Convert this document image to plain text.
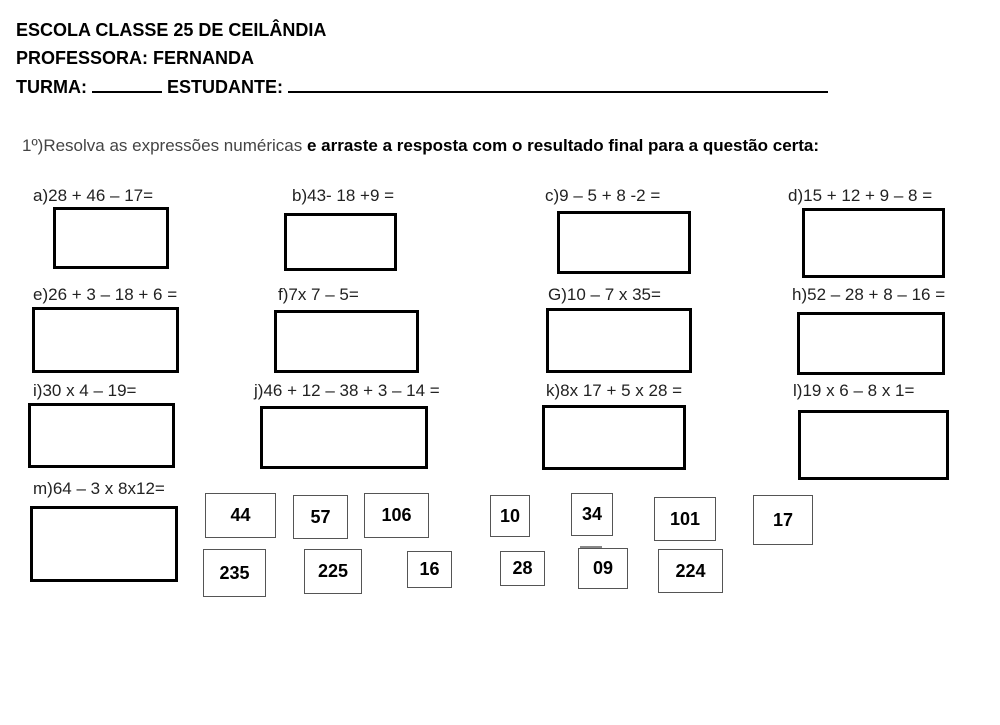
ESCOLA CLASSE 25 DE CEILÂNDIA
PROFESSORA: FERNANDA
TURMA:	ESTUDANTE:
1º)Resolva as expressões numéricas e arraste a resposta com o resultado final para a questão certa:
a)28 + 46 – 17=	b)43- 18 +9 =	c)9 – 5 + 8 -2 =	d)15 + 12 + 9 – 8 =
e)26 + 3 – 18 + 6 =	f)7x 7 – 5=	G)10 – 7 x 35=	h)52 – 28 + 8 – 16 =
i)30 x 4 – 19=	j)46 + 12 – 38 + 3 – 14 =	k)8x 17 + 5 x 28 =	l)19 x 6 – 8 x 1=
m)64 – 3 x 8x12=
44	57	106	10	34	101	17
235	225	16	28	09	224
